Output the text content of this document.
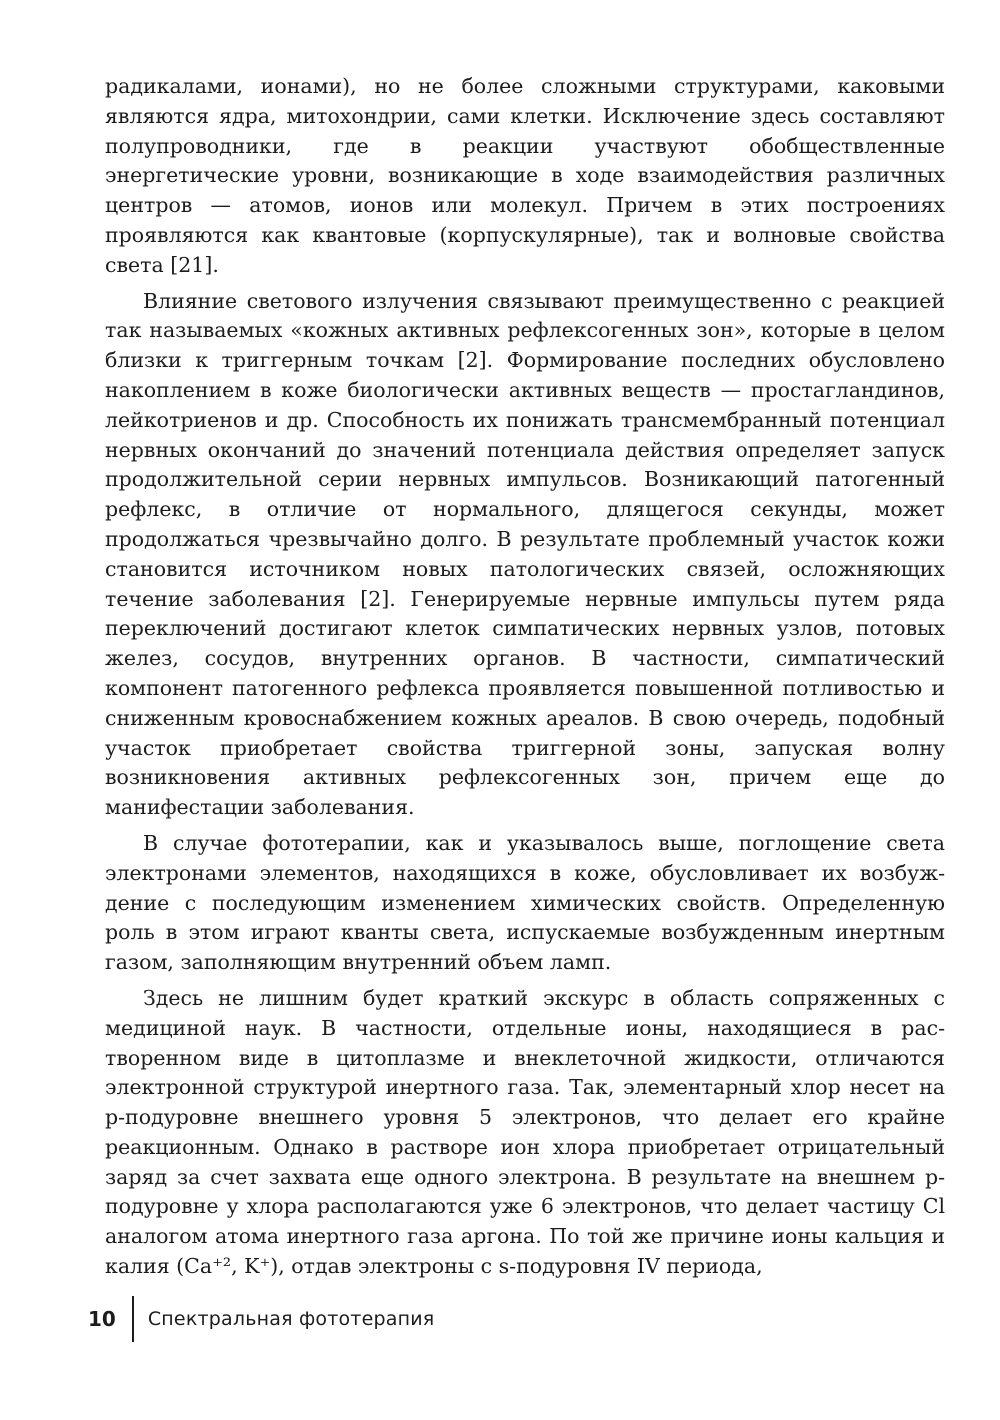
радикалами, ионами), но не более сложными структурами, каковыми являются ядра, митохондрии, сами клетки. Исключение здесь составляют полупроводники, где в реакции участвуют обобществленные энергетические уровни, возникающие в ходе взаимодействия различных центров — атомов, ионов или молекул. Причем в этих построениях проявляются как квантовые (корпускулярные), так и волновые свойства света [21].

Влияние светового излучения связывают преимущественно с реакцией так называемых «кожных активных рефлексогенных зон», которые в целом близки к триггерным точкам [2]. Формирование последних обусловлено накоплением в коже биологически активных веществ — простагландинов, лейкотриенов и др. Способность их понижать трансмембранный потенциал нервных окончаний до значений потенциала действия определяет запуск продолжительной серии нервных импульсов. Возникающий патогенный рефлекс, в отличие от нормального, длящегося секунды, может продолжаться чрезвычайно долго. В результате проблемный участок кожи становится источником новых патологических связей, осложняющих течение заболевания [2]. Генерируемые нервные импульсы путем ряда переключений достигают клеток симпатических нервных узлов, потовых желез, сосудов, внутренних органов. В частности, симпатический компонент патогенного рефлекса проявляется повышенной потливостью и сниженным кровоснабжением кожных ареалов. В свою очередь, подобный участок приобретает свойства триггерной зоны, запуская волну возникновения активных рефлексогенных зон, причем еще до манифестации заболевания.

В случае фототерапии, как и указывалось выше, поглощение света электронами элементов, находящихся в коже, обусловливает их возбуждение с последующим изменением химических свойств. Определенную роль в этом играют кванты света, испускаемые возбужденным инертным газом, заполняющим внутренний объем ламп.

Здесь не лишним будет краткий экскурс в область сопряженных с медициной наук. В частности, отдельные ионы, находящиеся в растворенном виде в цитоплазме и внеклеточной жидкости, отличаются электронной структурой инертного газа. Так, элементарный хлор несет на p-подуровне внешнего уровня 5 электронов, что делает его крайне реакционным. Однако в растворе ион хлора приобретает отрицательный заряд за счет захвата еще одного электрона. В результате на внешнем p-подуровне у хлора располагаются уже 6 электронов, что делает частицу Cl аналогом атома инертного газа аргона. По той же причине ионы кальция и калия (Ca⁺², K⁺), отдав электроны с s-подуровня IV периода,

10 Спектральная фототерапия
